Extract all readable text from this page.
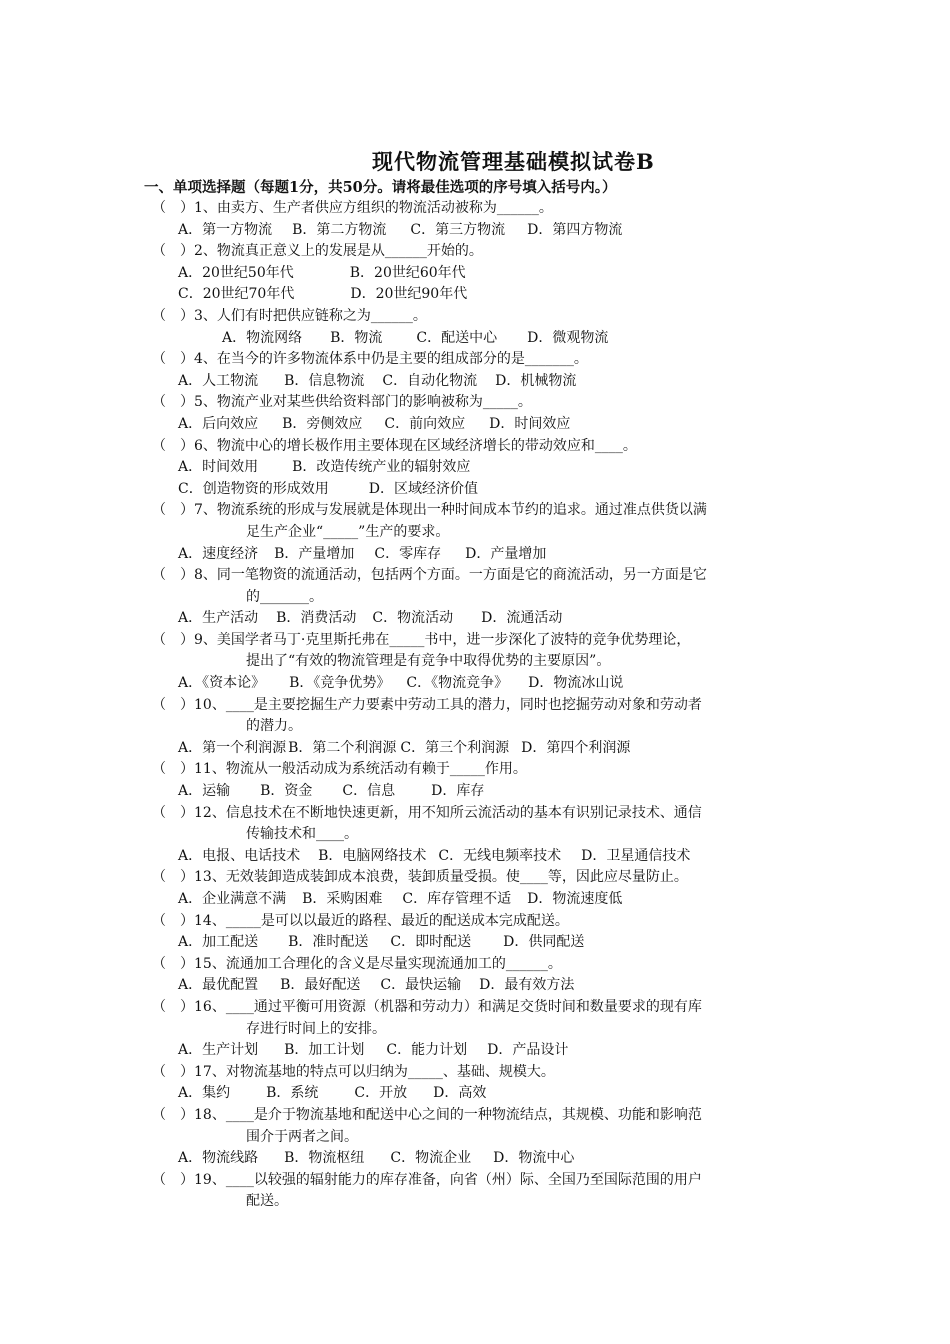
现代物流管理基础模拟试卷B
一、单项选择题（每题1分，共50分。请将最佳选项的序号填入括号内。）
（　） 1、由卖方、生产者供应方组织的物流活动被称为______。
A．第一方物流 B．第二方物流 C．第三方物流 D．第四方物流
（　） 2、物流真正意义上的发展是从______开始的。
A．20世纪50年代	B．20世纪60年代
C．20世纪70年代	D．20世纪90年代
（　） 3、人们有时把供应链称之为______。
A．物流网络 B．物流 C．配送中心 D．微观物流
（　） 4、在当今的许多物流体系中仍是主要的组成部分的是_______。
A．人工物流 B．信息物流 C．自动化物流 D．机械物流
（　） 5、物流产业对某些供给资料部门的影响被称为_____。
A．后向效应 B．旁侧效应 C．前向效应 D．时间效应
（　） 6、物流中心的增长极作用主要体现在区域经济增长的带动效应和____。
A．时间效用 B．改造传统产业的辐射效应
C．创造物资的形成效用	D．区域经济价值
（　） 7、物流系统的形成与发展就是体现出一种时间成本节约的追求。通过准点供货以满
足生产企业“_____”生产的要求。
A．速度经济 B．产量增加 C．零库存 D．产量增加
（　） 8、同一笔物资的流通活动，包括两个方面。一方面是它的商流活动，另一方面是它
的_______。
A．生产活动 B．消费活动 C．物流活动 D．流通活动
（　） 9、美国学者马丁·克里斯托弗在_____书中，进一步深化了波特的竞争优势理论，
提出了“有效的物流管理是有竞争中取得优势的主要原因”。
A．《资本论》 B．《竞争优势》 C．《物流竞争》 D．物流冰山说
（　） 10、____是主要挖掘生产力要素中劳动工具的潜力，同时也挖掘劳动对象和劳动者
的潜力。
A．第一个利润源 B．第二个利润源 C．第三个利润源 D．第四个利润源
（　） 11、物流从一般活动成为系统活动有赖于_____作用。
A．运输 B．资金 C．信息	D．库存
（　） 12、信息技术在不断地快速更新，用不知所云流活动的基本有识别记录技术、通信
传输技术和____。
A．电报、电话技术 B．电脑网络技术 C．无线电频率技术 D．卫星通信技术
（　） 13、无效装卸造成装卸成本浪费，装卸质量受损。使____等，因此应尽量防止。
A．企业满意不满 B．采购困难 C．库存管理不适 D．物流速度低
（　） 14、_____是可以以最近的路程、最近的配送成本完成配送。
A．加工配送 B．准时配送 C．即时配送 D．供同配送
（　） 15、流通加工合理化的含义是尽量实现流通加工的______。
A．最优配置 B．最好配送 C．最快运输 D．最有效方法
（　） 16、____通过平衡可用资源（机器和劳动力）和满足交货时间和数量要求的现有库
存进行时间上的安排。
A．生产计划 B．加工计划 C．能力计划 D．产品设计
（　） 17、对物流基地的特点可以归纳为_____、基础、规模大。
A．集约	B．系统	C．开放 D．高效
（　） 18、____是介于物流基地和配送中心之间的一种物流结点，其规模、功能和影响范
围介于两者之间。
A．物流线路 B．物流枢纽 C．物流企业 D．物流中心
（　） 19、____以较强的辐射能力的库存准备，向省（州）际、全国乃至国际范围的用户
配送。
